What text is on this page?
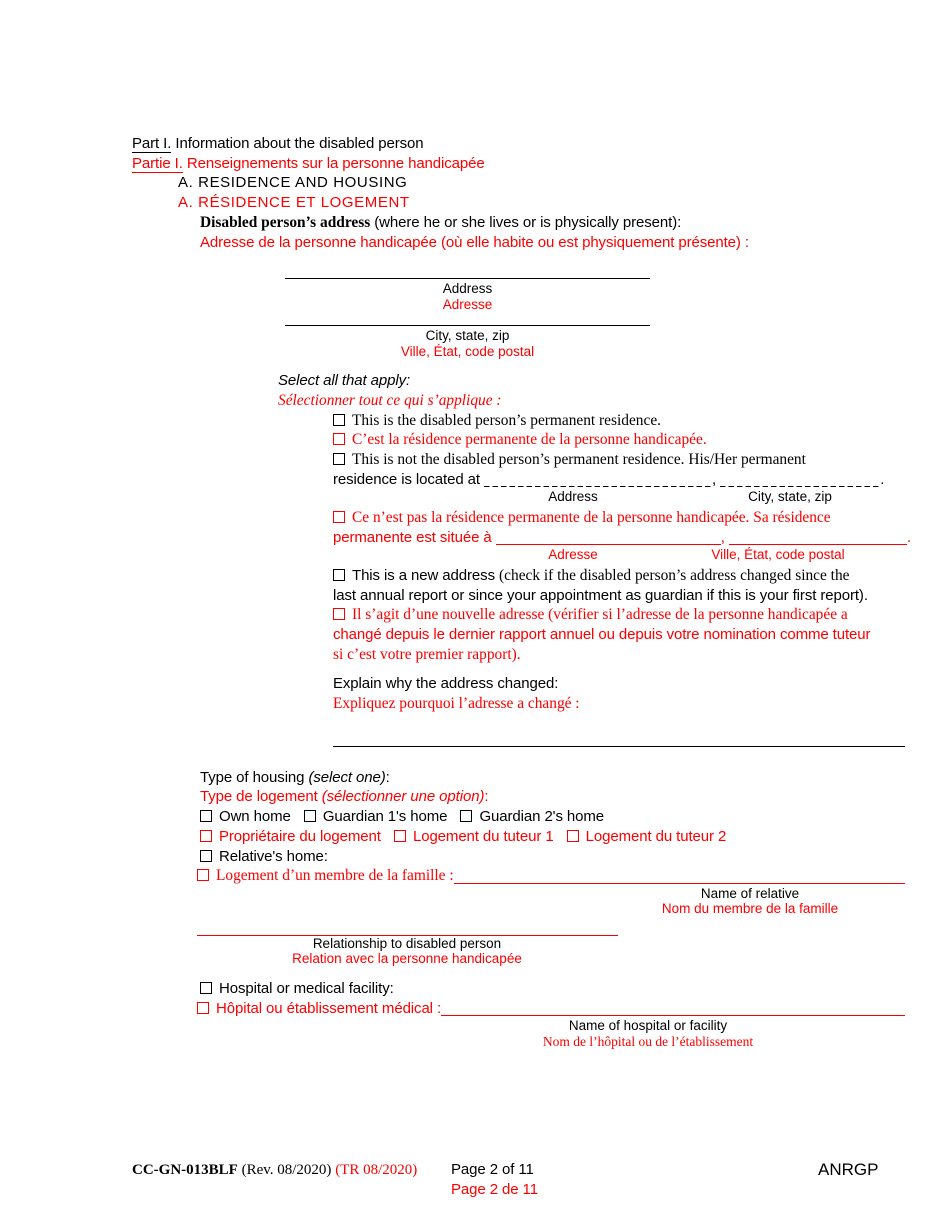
Part I. Information about the disabled person
Partie I. Renseignements sur la personne handicapée
A. RESIDENCE AND HOUSING
A. RÉSIDENCE ET LOGEMENT
Disabled person’s address (where he or she lives or is physically present):
Adresse de la personne handicapée (où elle habite ou est physiquement présente) :
Address
Adresse
City, state, zip
Ville, État, code postal
Select all that apply:
Sélectionner tout ce qui s’applique :
This is the disabled person’s permanent residence.
C’est la résidence permanente de la personne handicapée.
This is not the disabled person’s permanent residence. His/Her permanent
residence is located at	,	.
Address	City, state, zip
Ce n’est pas la résidence permanente de la personne handicapée. Sa résidence
permanente est située à	,	.
Adresse	Ville, État, code postal
This is a new address (check if the disabled person’s address changed since the
last annual report or since your appointment as guardian if this is your first report).
Il s’agit d’une nouvelle adresse (vérifier si l’adresse de la personne handicapée a
changé depuis le dernier rapport annuel ou depuis votre nomination comme tuteur
si c’est votre premier rapport).
Explain why the address changed:
Expliquez pourquoi l’adresse a changé :
Type of housing (select one):
Type de logement (sélectionner une option):
Own home Guardian 1's home Guardian 2's home
Propriétaire du logement Logement du tuteur 1 Logement du tuteur 2
Relative's home:
Logement d’un membre de la famille :
Name of relative
Nom du membre de la famille
Relationship to disabled person
Relation avec la personne handicapée
Hospital or medical facility:
Hôpital ou établissement médical :
Name of hospital or facility
Nom de l’hôpital ou de l’établissement
CC-GN-013BLF (Rev. 08/2020) (TR 08/2020) Page 2 of 11
Page 2 de 11
ANRGP
